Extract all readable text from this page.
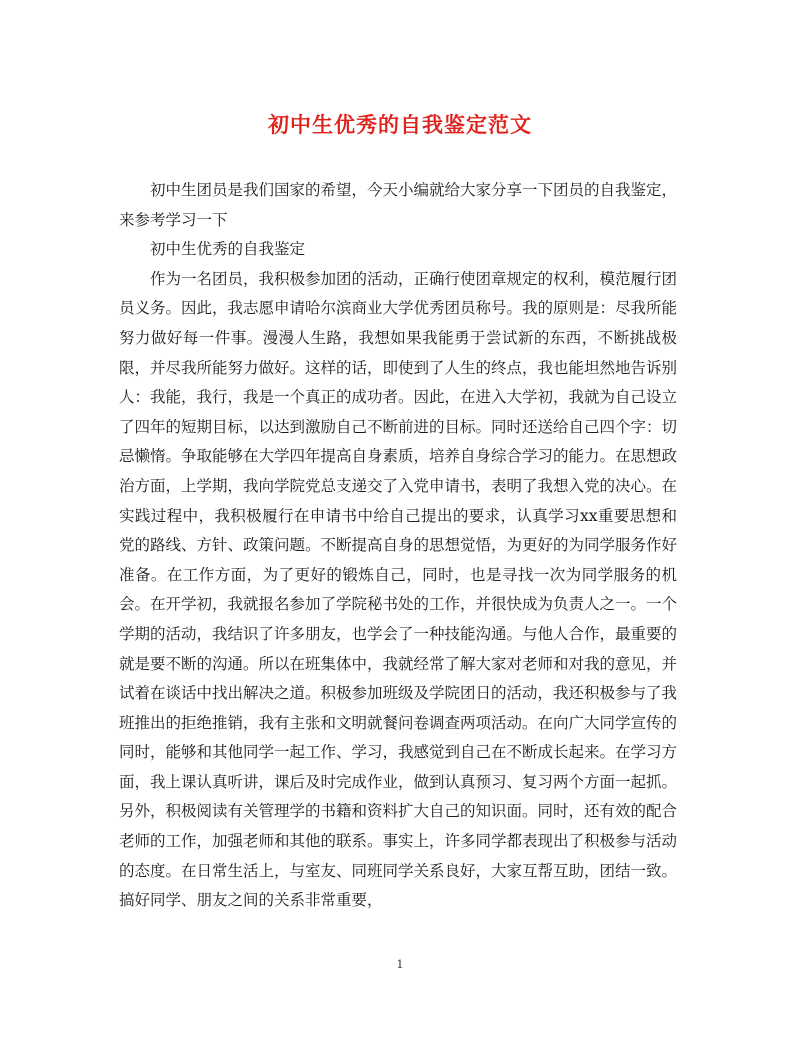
初中生优秀的自我鉴定范文

初中生团员是我们国家的希望，今天小编就给大家分享一下团员的自我鉴定，来参考学习一下

初中生优秀的自我鉴定

作为一名团员，我积极参加团的活动，正确行使团章规定的权利，模范履行团员义务。因此，我志愿申请哈尔滨商业大学优秀团员称号。我的原则是：尽我所能努力做好每一件事。漫漫人生路，我想如果我能勇于尝试新的东西，不断挑战极限，并尽我所能努力做好。这样的话，即使到了人生的终点，我也能坦然地告诉别人：我能，我行，我是一个真正的成功者。因此，在进入大学初，我就为自己设立了四年的短期目标，以达到激励自己不断前进的目标。同时还送给自己四个字：切忌懒惰。争取能够在大学四年提高自身素质，培养自身综合学习的能力。在思想政治方面，上学期，我向学院党总支递交了入党申请书，表明了我想入党的决心。在实践过程中，我积极履行在申请书中给自己提出的要求，认真学习xx重要思想和党的路线、方针、政策问题。不断提高自身的思想觉悟，为更好的为同学服务作好准备。在工作方面，为了更好的锻炼自己，同时，也是寻找一次为同学服务的机会。在开学初，我就报名参加了学院秘书处的工作，并很快成为负责人之一。一个学期的活动，我结识了许多朋友，也学会了一种技能沟通。与他人合作，最重要的就是要不断的沟通。所以在班集体中，我就经常了解大家对老师和对我的意见，并试着在谈话中找出解决之道。积极参加班级及学院团日的活动，我还积极参与了我班推出的拒绝推销，我有主张和文明就餐问卷调查两项活动。在向广大同学宣传的同时，能够和其他同学一起工作、学习，我感觉到自己在不断成长起来。在学习方面，我上课认真听讲，课后及时完成作业，做到认真预习、复习两个方面一起抓。另外，积极阅读有关管理学的书籍和资料扩大自己的知识面。同时，还有效的配合老师的工作，加强老师和其他的联系。事实上，许多同学都表现出了积极参与活动的态度。在日常生活上，与室友、同班同学关系良好，大家互帮互助，团结一致。搞好同学、朋友之间的关系非常重要，

1
